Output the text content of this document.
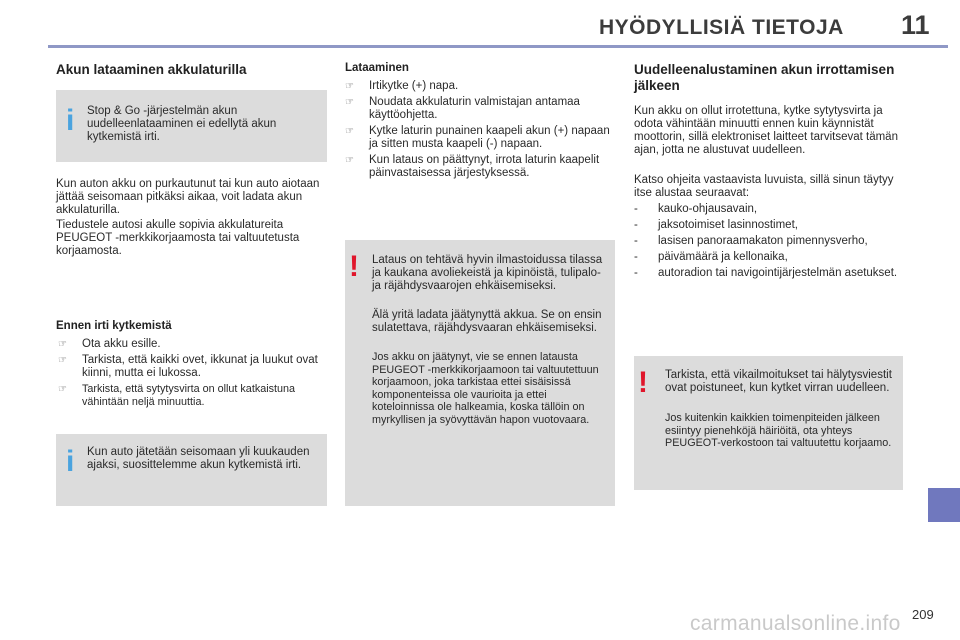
HYÖDYLLISIÄ TIETOJA 11
Akun lataaminen akkulaturilla
i Stop & Go -järjestelmän akun uudelleenlataaminen ei edellytä akun kytkemistä irti.
Kun auton akku on purkautunut tai kun auto aiotaan jättää seisomaan pitkäksi aikaa, voit ladata akun akkulaturilla.
Tiedustele autosi akulle sopivia akkulatureita PEUGEOT -merkkikorjaamosta tai valtuutetusta korjaamosta.
Ennen irti kytkemistä
☞ Ota akku esille.
☞ Tarkista, että kaikki ovet, ikkunat ja luukut ovat kiinni, mutta ei lukossa.
☞ Tarkista, että sytytysvirta on ollut katkaistuna vähintään neljä minuuttia.
i Kun auto jätetään seisomaan yli kuukauden ajaksi, suosittelemme akun kytkemistä irti.
Lataaminen
☞ Irtikytke (+) napa.
☞ Noudata akkulaturin valmistajan antamaa käyttöohjetta.
☞ Kytke laturin punainen kaapeli akun (+) napaan ja sitten musta kaapeli (-) napaan.
☞ Kun lataus on päättynyt, irrota laturin kaapelit päinvastaisessa järjestyksessä.
! Lataus on tehtävä hyvin ilmastoidussa tilassa ja kaukana avoliekeistä ja kipinöistä, tulipalo- ja räjähdysvaarojen ehkäisemiseksi.
Älä yritä ladata jäätynyttä akkua. Se on ensin sulatettava, räjähdysvaaran ehkäisemiseksi.
Jos akku on jäätynyt, vie se ennen latausta PEUGEOT -merkkikorjaamoon tai valtuutettuun korjaamoon, joka tarkistaa ettei sisäisissä komponenteissa ole vaurioita ja ettei koteloinnissa ole halkeamia, koska tällöin on myrkyllisen ja syövyttävän hapon vuotovaara.
Uudelleenalustaminen akun irrottamisen jälkeen
Kun akku on ollut irrotettuna, kytke sytytysvirta ja odota vähintään minuutti ennen kuin käynnistät moottorin, sillä elektroniset laitteet tarvitsevat tämän ajan, jotta ne alustuvat uudelleen.
Katso ohjeita vastaavista luvuista, sillä sinun täytyy itse alustaa seuraavat:
- kauko-ohjausavain,
- jaksotoimiset lasinnostimet,
- lasisen panoraamakaton pimennysverho,
- päivämäärä ja kellonaika,
- autoradion tai navigointijärjestelmän asetukset.
! Tarkista, että vikailmoitukset tai hälytysviestit ovat poistuneet, kun kytket virran uudelleen.
Jos kuitenkin kaikkien toimenpiteiden jälkeen esiintyy pienehköjä häiriöitä, ota yhteys PEUGEOT-verkostoon tai valtuutettu korjaamo.
carmanualsonline.info 209
